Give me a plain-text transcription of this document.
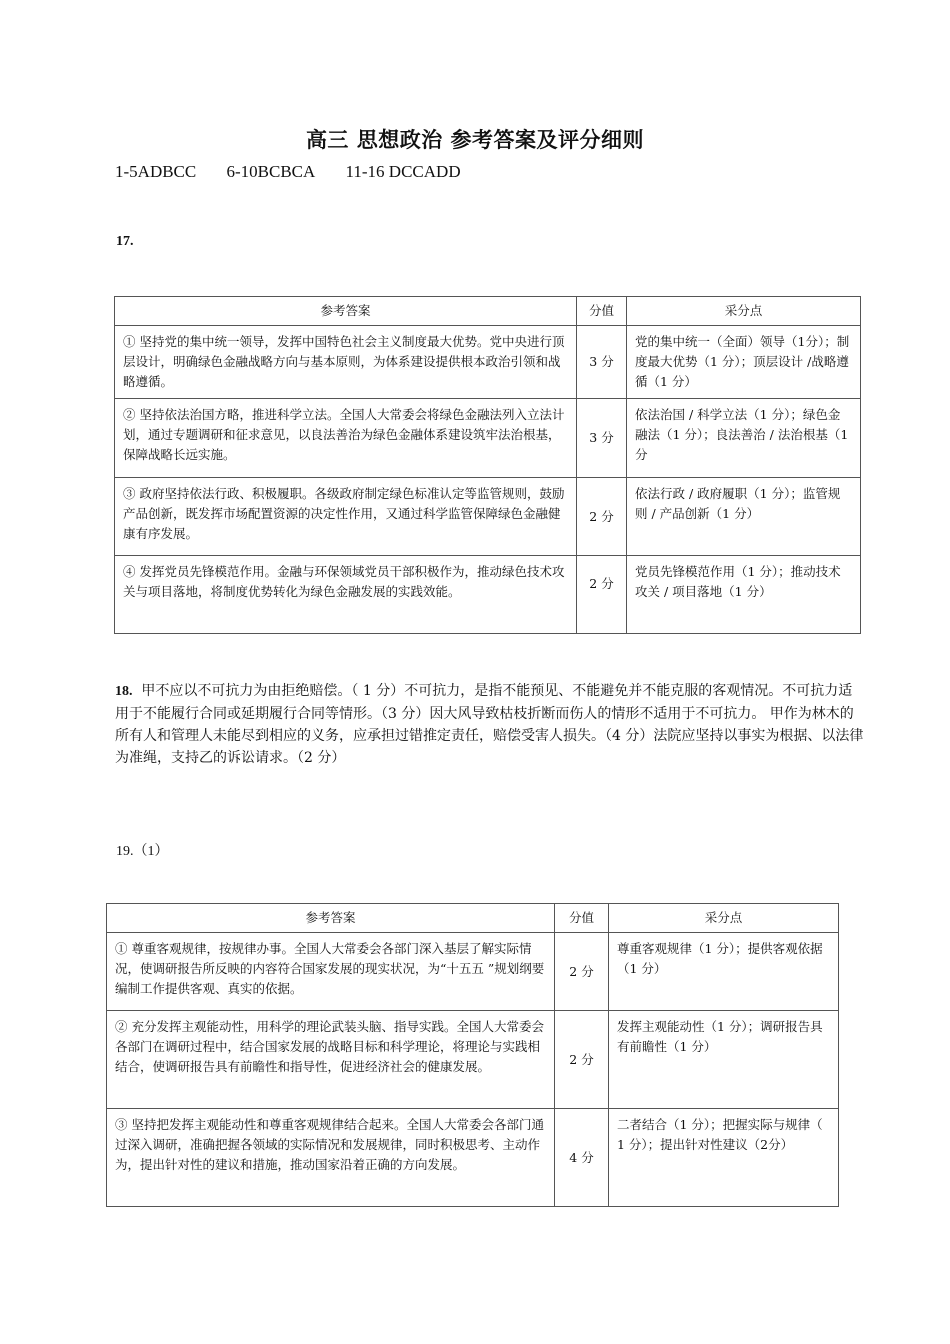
高三 思想政治 参考答案及评分细则
1-5ADBCC 6-10BCBCA 11-16 DCCADD
17.
参考答案	分值	采分点
① 坚持党的集中统一领导，发挥中国特色社会主义制度最大优势。党中央进行顶层设计，明确绿色金融战略方向与基本原则，为体系建设提供根本政治引领和战略遵循。	3 分	党的集中统一（全面）领导（1分）；制度最大优势（1 分）；顶层设计 /战略遵循（1 分）
② 坚持依法治国方略，推进科学立法。全国人大常委会将绿色金融法列入立法计划，通过专题调研和征求意见，以良法善治为绿色金融体系建设筑牢法治根基，保障战略长远实施。	3 分	依法治国 / 科学立法（1 分）；绿色金融法（1 分）；良法善治 / 法治根基（1 分
③ 政府坚持依法行政、积极履职。各级政府制定绿色标准认定等监管规则，鼓励产品创新，既发挥市场配置资源的决定性作用，又通过科学监管保障绿色金融健康有序发展。	2 分	依法行政 / 政府履职（1 分）；监管规则 / 产品创新（1 分）
④ 发挥党员先锋模范作用。金融与环保领域党员干部积极作为，推动绿色技术攻关与项目落地，将制度优势转化为绿色金融发展的实践效能。	2 分	党员先锋模范作用（1 分）；推动技术攻关 / 项目落地（1 分）
18. 甲不应以不可抗力为由拒绝赔偿。（ 1 分）不可抗力，是指不能预见、不能避免并不能克服的客观情况。不可抗力适用于不能履行合同或延期履行合同等情形。（3 分）因大风导致枯枝折断而伤人的情形不适用于不可抗力。 甲作为林木的所有人和管理人未能尽到相应的义务，应承担过错推定责任，赔偿受害人损失。（4 分）法院应坚持以事实为根据、以法律为准绳，支持乙的诉讼请求。（2 分）
19.（1）
参考答案	分值	采分点
① 尊重客观规律，按规律办事。全国人大常委会各部门深入基层了解实际情况，使调研报告所反映的内容符合国家发展的现实状况，为“十五五 ”规划纲要编制工作提供客观、真实的依据。	2 分	尊重客观规律（1 分）；提供客观依据（1 分）
② 充分发挥主观能动性，用科学的理论武装头脑、指导实践。全国人大常委会各部门在调研过程中，结合国家发展的战略目标和科学理论，将理论与实践相结合，使调研报告具有前瞻性和指导性，促进经济社会的健康发展。	2 分	发挥主观能动性（1 分）；调研报告具有前瞻性（1 分）
③ 坚持把发挥主观能动性和尊重客观规律结合起来。全国人大常委会各部门通过深入调研，准确把握各领域的实际情况和发展规律，同时积极思考、主动作为，提出针对性的建议和措施，推动国家沿着正确的方向发展。	4 分	二者结合（1 分）；把握实际与规律（ 1 分）；提出针对性建议（2分）
